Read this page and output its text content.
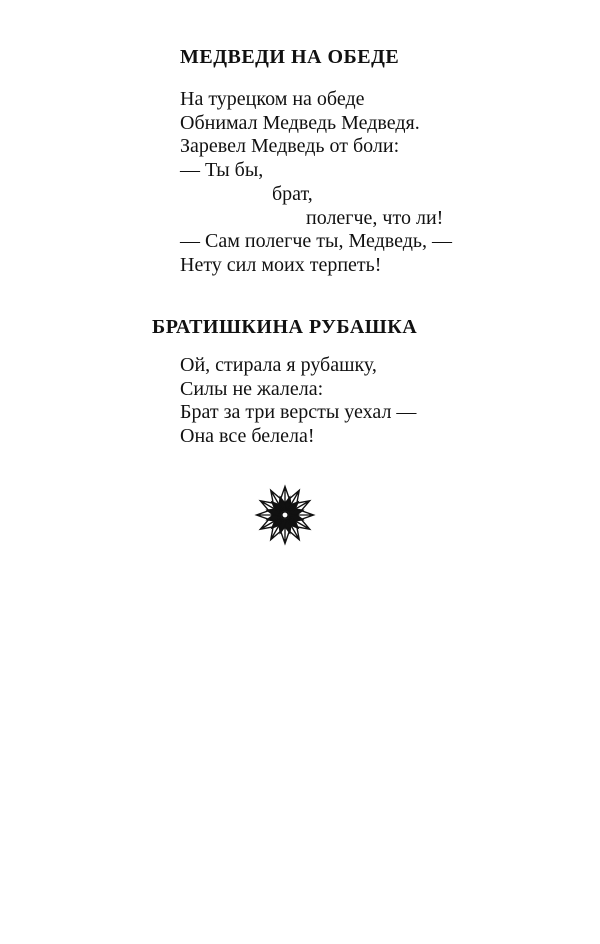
МЕДВЕДИ НА ОБЕДЕ
На турецком на обеде
Обнимал Медведь Медведя.
Заревел Медведь от боли:
— Ты бы,
брат,
полегче, что ли!
— Сам полегче ты, Медведь, —
Нету сил моих терпеть!
БРАТИШКИНА РУБАШКА
Ой, стирала я рубашку,
Силы не жалела:
Брат за три версты уехал —
Она все белела!
